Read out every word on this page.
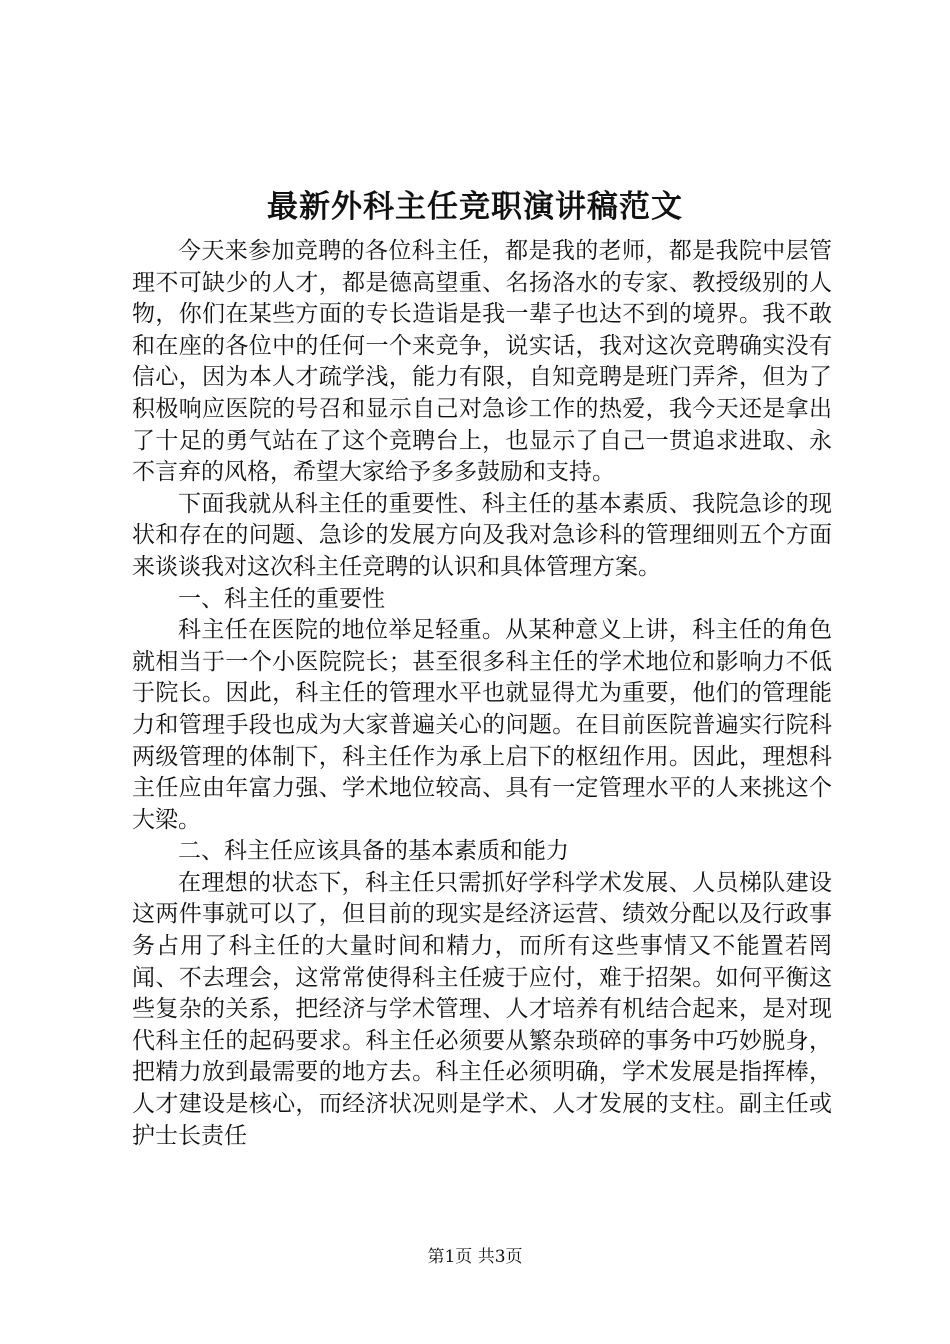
最新外科主任竞职演讲稿范文

今天来参加竞聘的各位科主任，都是我的老师，都是我院中层管理不可缺少的人才，都是德高望重、名扬洛水的专家、教授级别的人物，你们在某些方面的专长造诣是我一辈子也达不到的境界。我不敢和在座的各位中的任何一个来竞争，说实话，我对这次竞聘确实没有信心，因为本人才疏学浅，能力有限，自知竞聘是班门弄斧，但为了积极响应医院的号召和显示自己对急诊工作的热爱，我今天还是拿出了十足的勇气站在了这个竞聘台上，也显示了自己一贯追求进取、永不言弃的风格，希望大家给予多多鼓励和支持。

下面我就从科主任的重要性、科主任的基本素质、我院急诊的现状和存在的问题、急诊的发展方向及我对急诊科的管理细则五个方面来谈谈我对这次科主任竞聘的认识和具体管理方案。

一、科主任的重要性

科主任在医院的地位举足轻重。从某种意义上讲，科主任的角色就相当于一个小医院院长；甚至很多科主任的学术地位和影响力不低于院长。因此，科主任的管理水平也就显得尤为重要，他们的管理能力和管理手段也成为大家普遍关心的问题。在目前医院普遍实行院科两级管理的体制下，科主任作为承上启下的枢纽作用。因此，理想科主任应由年富力强、学术地位较高、具有一定管理水平的人来挑这个大梁。

二、科主任应该具备的基本素质和能力

在理想的状态下，科主任只需抓好学科学术发展、人员梯队建设这两件事就可以了，但目前的现实是经济运营、绩效分配以及行政事务占用了科主任的大量时间和精力，而所有这些事情又不能置若罔闻、不去理会，这常常使得科主任疲于应付，难于招架。如何平衡这些复杂的关系，把经济与学术管理、人才培养有机结合起来，是对现代科主任的起码要求。科主任必须要从繁杂琐碎的事务中巧妙脱身，把精力放到最需要的地方去。科主任必须明确，学术发展是指挥棒，人才建设是核心，而经济状况则是学术、人才发展的支柱。副主任或护士长责任

第1页 共3页
